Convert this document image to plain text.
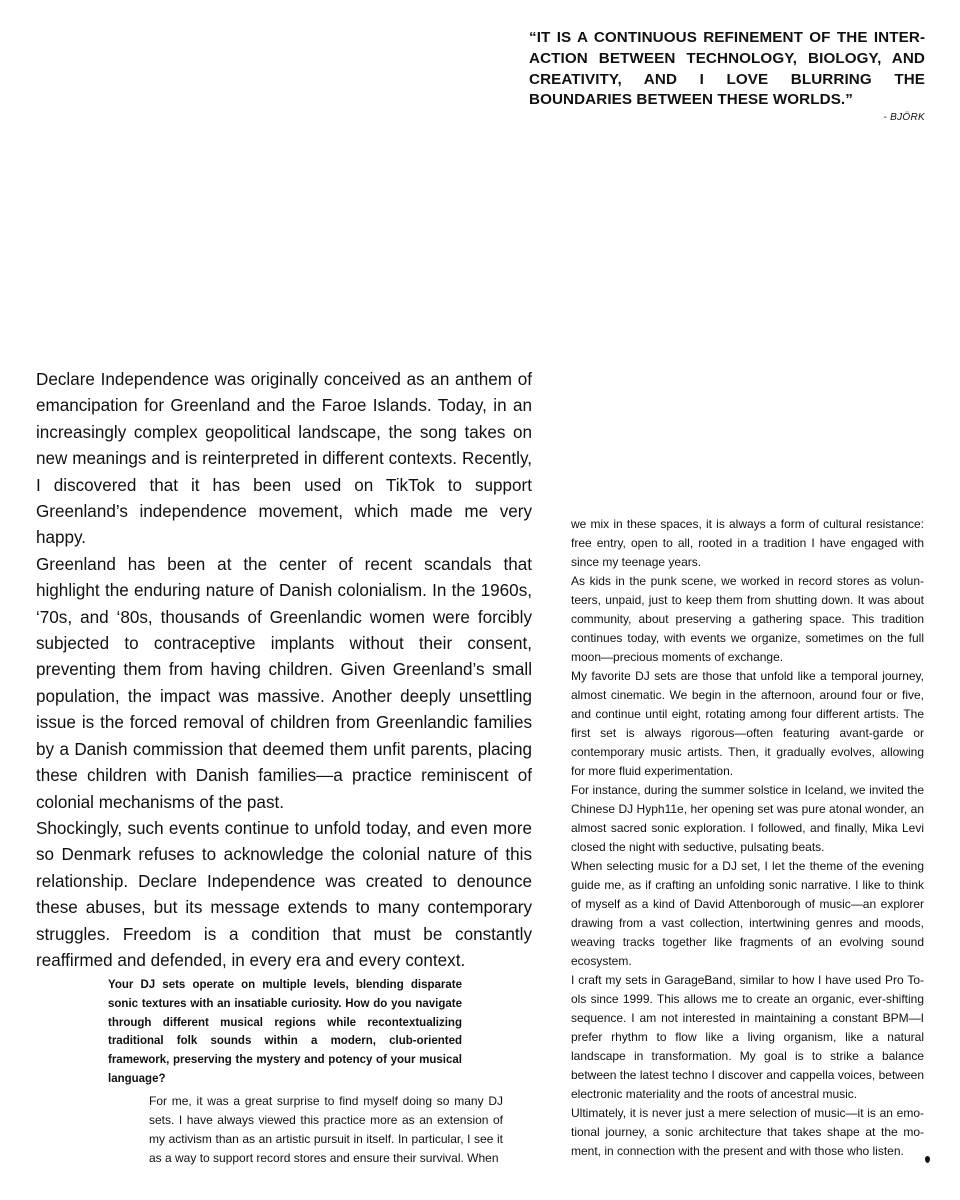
“IT IS A CONTINUOUS REFINEMENT OF THE INTERACTION BETWEEN TECHNOLOGY, BIOLOGY, AND CREATIVITY, AND I LOVE BLURRING THE BOUNDARIES BETWEEN THESE WORLDS.”

- BJÖRK

Declare Independence was originally conceived as an anthem of emancipation for Greenland and the Faroe Islands. Today, in an increasingly complex geopolitical landscape, the song takes on new meanings and is reinterpreted in different contexts. Recently, I discovered that it has been used on TikTok to support Greenland’s independence movement, which made me very happy.

Greenland has been at the center of recent scandals that highlight the enduring nature of Danish colonialism. In the 1960s, ‘70s, and ‘80s, thousands of Greenlandic women were forcibly subjected to contraceptive implants without their consent, preventing them from having children. Given Greenland’s small population, the impact was massive. Another deeply unsettling issue is the forced removal of children from Greenlandic families by a Danish commission that deemed them unfit parents, placing these children with Danish families—a practice reminiscent of colonial mechanisms of the past.

Shockingly, such events continue to unfold today, and even more so Denmark refuses to acknowledge the colonial nature of this relationship. Declare Independence was created to denounce these abuses, but its message extends to many contemporary struggles. Freedom is a condition that must be constantly reaffirmed and defended, in every era and every context.

Your DJ sets operate on multiple levels, blending disparate sonic textures with an insatiable curiosity. How do you navigate through different musical regions while recontextualizing traditional folk sounds within a modern, club-oriented framework, preserving the mystery and potency of your musical language?

For me, it was a great surprise to find myself doing so many DJ sets. I have always viewed this practice more as an extension of my activism than as an artistic pursuit in itself. In particular, I see it as a way to support record stores and ensure their survival. When

we mix in these spaces, it is always a form of cultural resistance: free entry, open to all, rooted in a tradition I have engaged with since my teenage years.

As kids in the punk scene, we worked in record stores as volunteers, unpaid, just to keep them from shutting down. It was about community, about preserving a gathering space. This tradition continues today, with events we organize, sometimes on the full moon—precious moments of exchange.

My favorite DJ sets are those that unfold like a temporal journey, almost cinematic. We begin in the afternoon, around four or five, and continue until eight, rotating among four different artists. The first set is always rigorous—often featuring avant-garde or contemporary music artists. Then, it gradually evolves, allowing for more fluid experimentation.

For instance, during the summer solstice in Iceland, we invited the Chinese DJ Hyph11e, her opening set was pure atonal wonder, an almost sacred sonic exploration. I followed, and finally, Mika Levi closed the night with seductive, pulsating beats.

When selecting music for a DJ set, I let the theme of the evening guide me, as if crafting an unfolding sonic narrative. I like to think of myself as a kind of David Attenborough of music—an explorer drawing from a vast collection, intertwining genres and moods, weaving tracks together like fragments of an evolving sound ecosystem.

I craft my sets in GarageBand, similar to how I have used Pro Tools since 1999. This allows me to create an organic, ever-shifting sequence. I am not interested in maintaining a constant BPM—I prefer rhythm to flow like a living organism, like a natural landscape in transformation. My goal is to strike a balance between the latest techno I discover and cappella voices, between electronic materiality and the roots of ancestral music.

Ultimately, it is never just a mere selection of music—it is an emotional journey, a sonic architecture that takes shape at the moment, in connection with the present and with those who listen.
